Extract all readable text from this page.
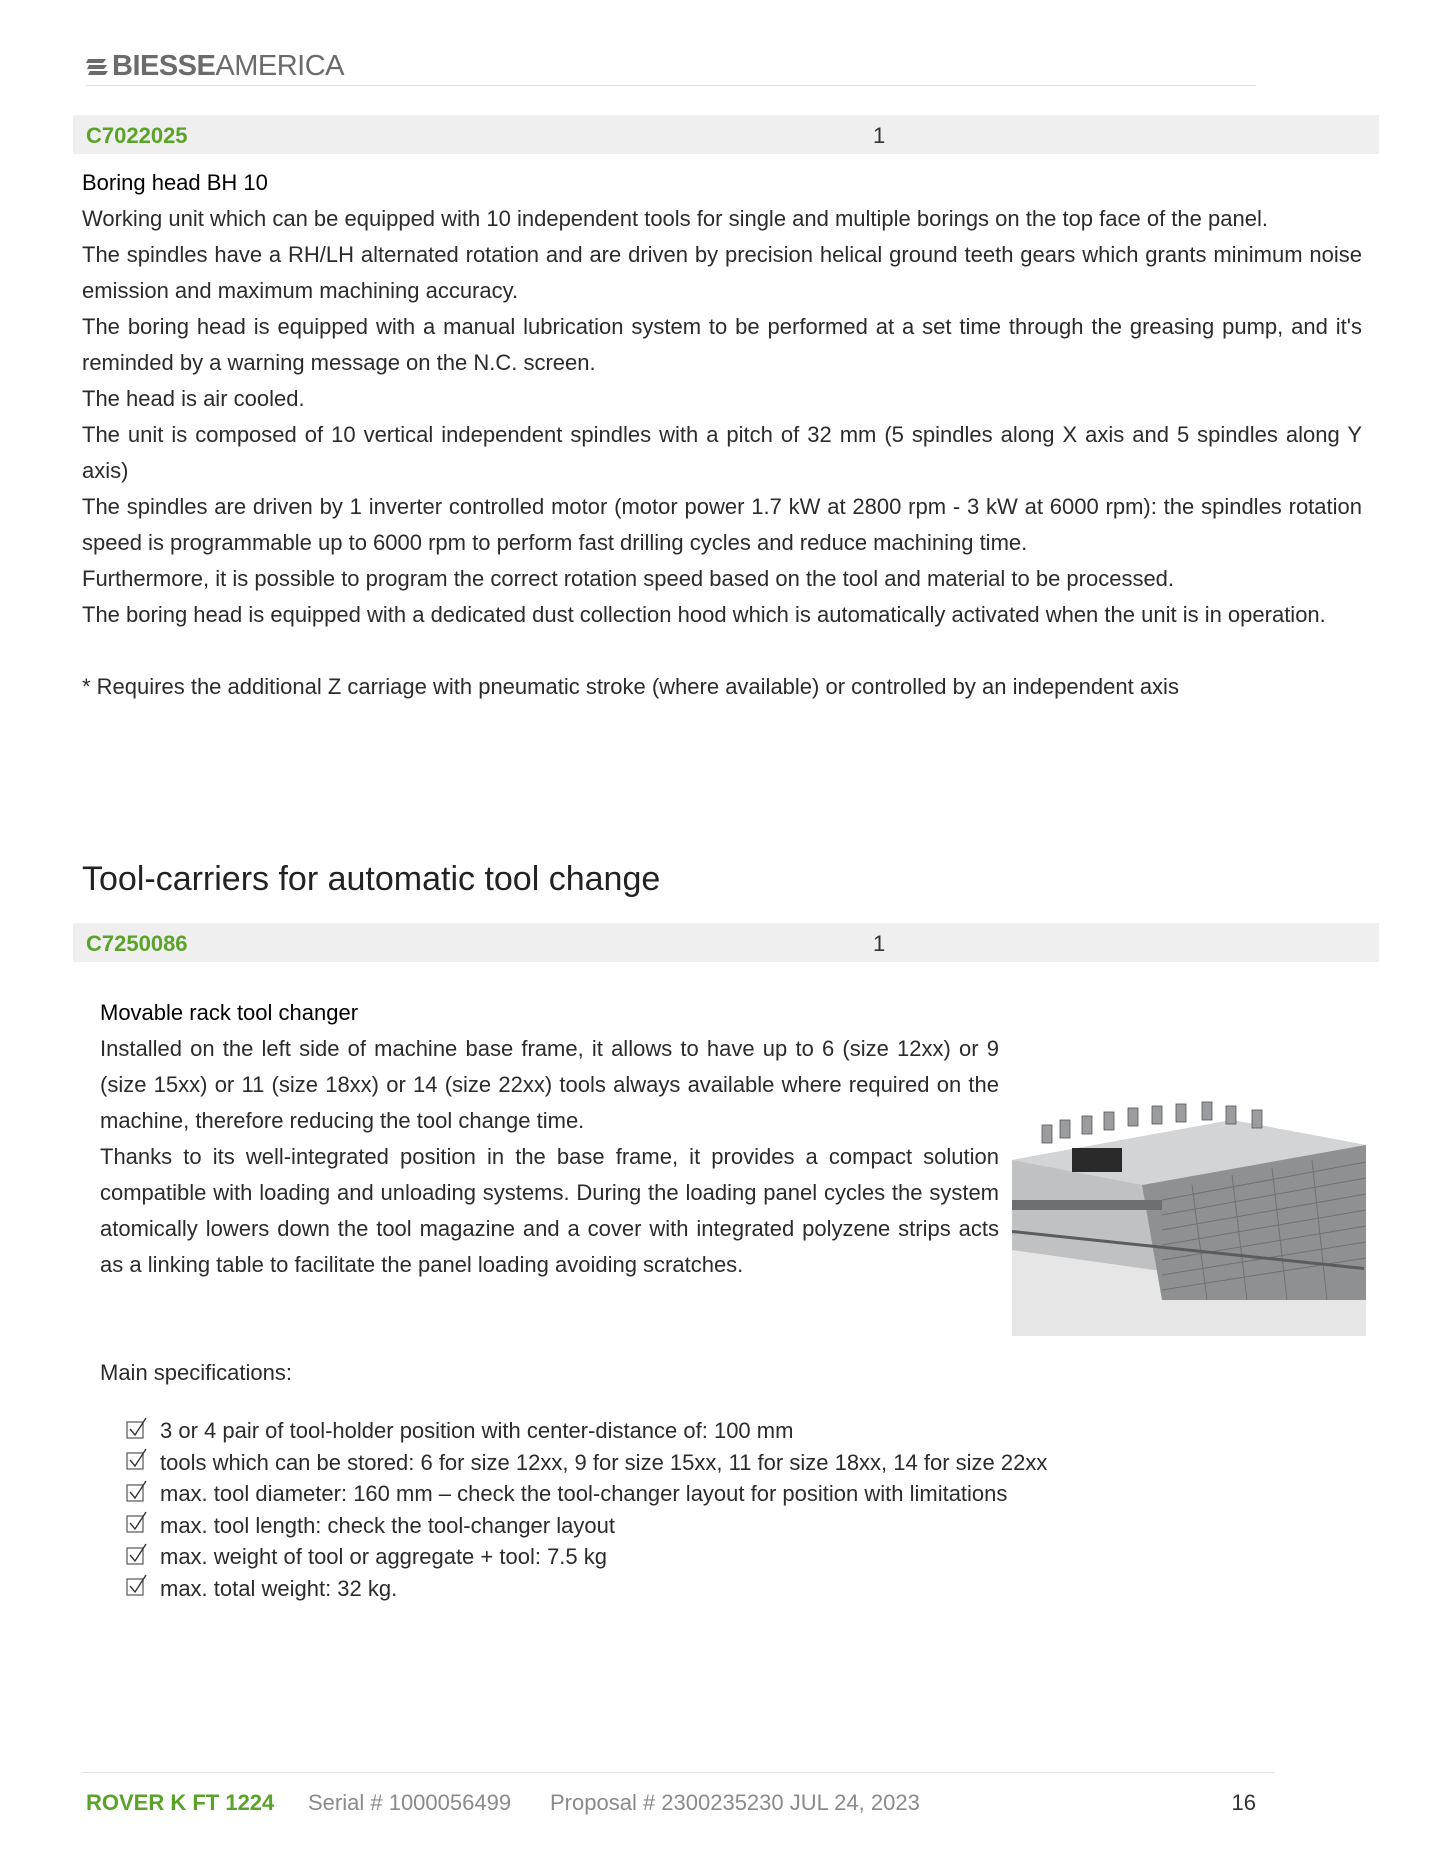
BIESSE AMERICA
C7022025	1

Boring head BH 10

Working unit which can be equipped with 10 independent tools for single and multiple borings on the top face of the panel.

The spindles have a RH/LH alternated rotation and are driven by precision helical ground teeth gears which grants minimum noise emission and maximum machining accuracy.

The boring head is equipped with a manual lubrication system to be performed at a set time through the greasing pump, and it's reminded by a warning message on the N.C. screen.

The head is air cooled.

The unit is composed of 10 vertical independent spindles with a pitch of 32 mm (5 spindles along X axis and 5 spindles along Y axis)

The spindles are driven by 1 inverter controlled motor (motor power 1.7 kW at 2800 rpm - 3 kW at 6000 rpm): the spindles rotation speed is programmable up to 6000 rpm to perform fast drilling cycles and reduce machining time.

Furthermore, it is possible to program the correct rotation speed based on the tool and material to be processed.

The boring head is equipped with a dedicated dust collection hood which is automatically activated when the unit is in operation.

* Requires the additional Z carriage with pneumatic stroke (where available) or controlled by an independent axis

Tool-carriers for automatic tool change
C7250086	1

Movable rack tool changer

Installed on the left side of machine base frame, it allows to have up to 6 (size 12xx) or 9 (size 15xx) or 11 (size 18xx) or 14 (size 22xx) tools always available where required on the machine, therefore reducing the tool change time.

Thanks to its well-integrated position in the base frame, it provides a compact solution compatible with loading and unloading systems. During the loading panel cycles the system atomically lowers down the tool magazine and a cover with integrated polyzene strips acts as a linking table to facilitate the panel loading avoiding scratches.

Main specifications:
3 or 4 pair of tool-holder position with center-distance of: 100 mm
tools which can be stored: 6 for size 12xx, 9 for size 15xx, 11 for size 18xx, 14 for size 22xx
max. tool diameter: 160 mm – check the tool-changer layout for position with limitations
max. tool length: check the tool-changer layout
max. weight of tool or aggregate + tool: 7.5 kg
max. total weight: 32 kg.
ROVER K FT 1224 Serial # 1000056499 Proposal # 2300235230 JUL 24, 2023	16
